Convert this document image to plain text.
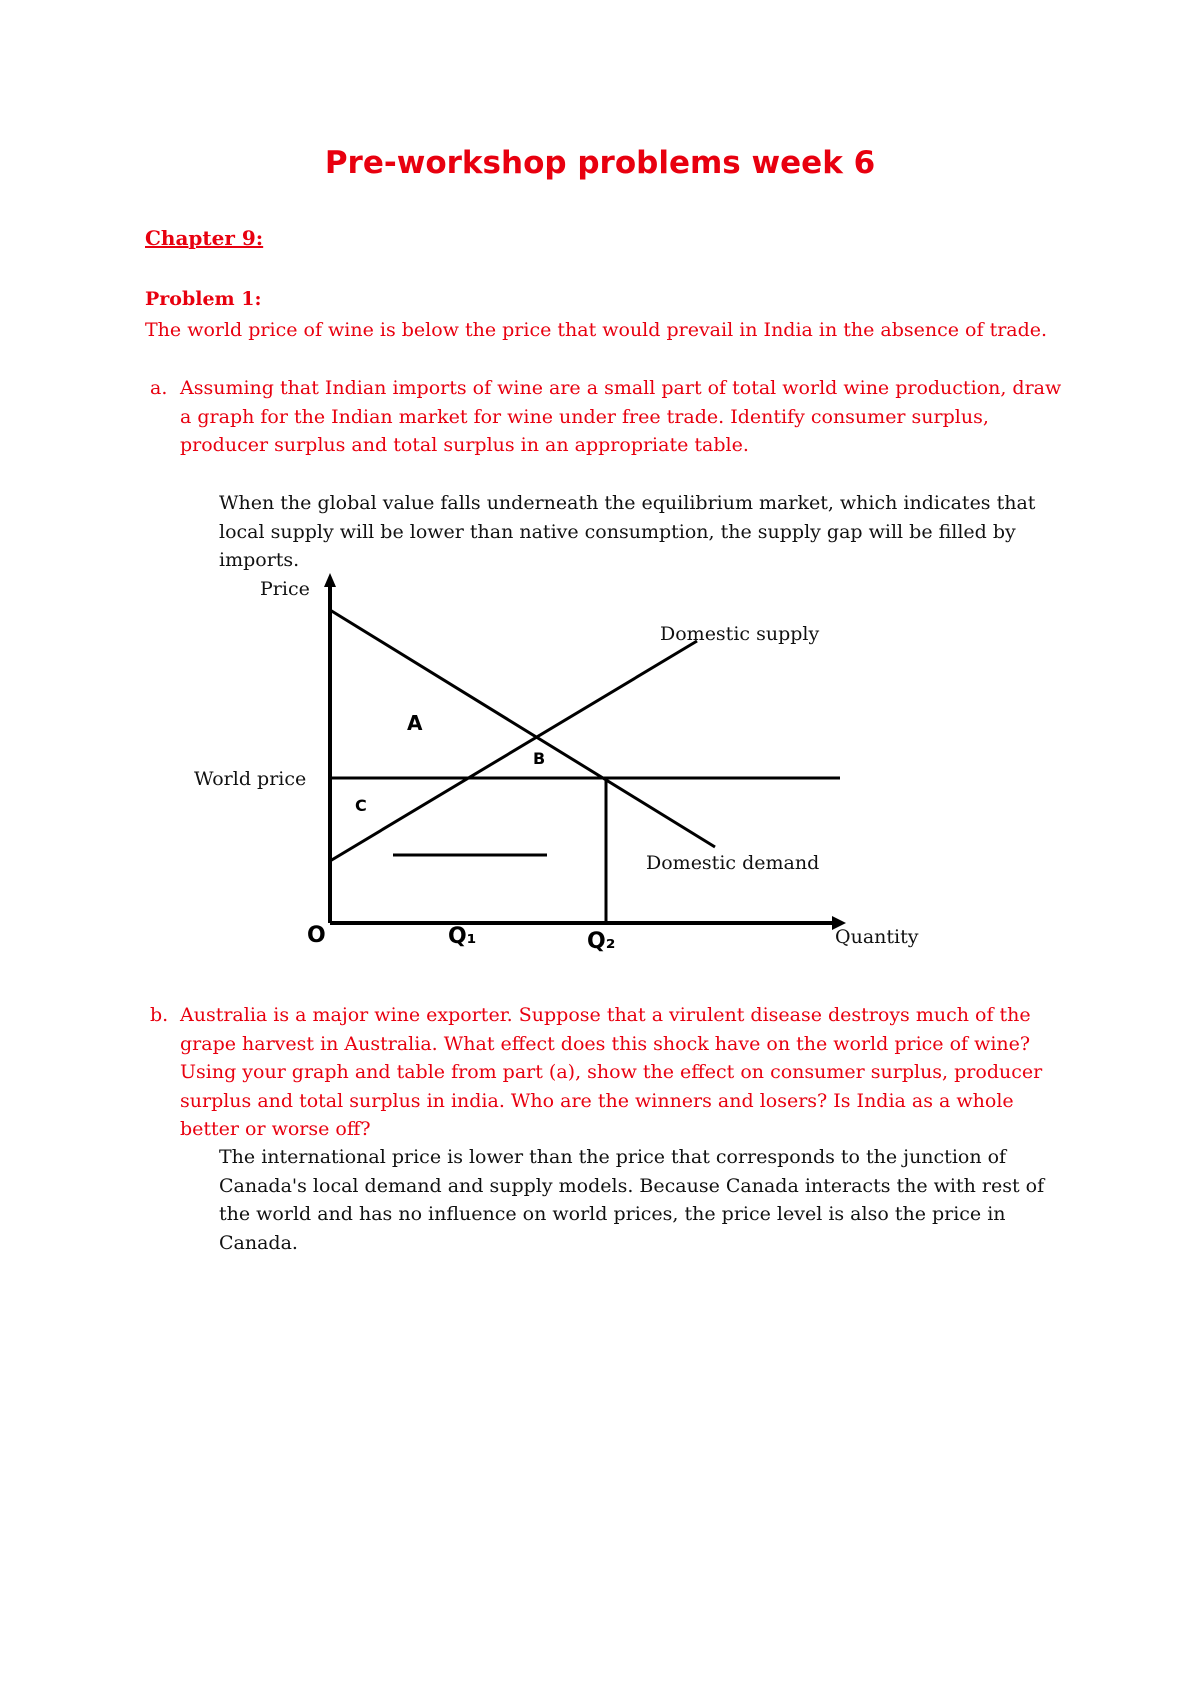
Pre-workshop problems week 6

Chapter 9:

Problem 1:

The world price of wine is below the price that would prevail in India in the absence of trade.

a. Assuming that Indian imports of wine are a small part of total world wine production, draw a graph for the Indian market for wine under free trade. Identify consumer surplus, producer surplus and total surplus in an appropriate table.
When the global value falls underneath the equilibrium market, which indicates that local supply will be lower than native consumption, the supply gap will be filled by imports.
Price
Quantity
World price
Domestic supply
Domestic demand
O	Q₁	Q₂
A
B
C
b. Australia is a major wine exporter. Suppose that a virulent disease destroys much of the grape harvest in Australia. What effect does this shock have on the world price of wine? Using your graph and table from part (a), show the effect on consumer surplus, producer surplus and total surplus in india. Who are the winners and losers? Is India as a whole better or worse off?
The international price is lower than the price that corresponds to the junction of Canada's local demand and supply models. Because Canada interacts the with rest of the world and has no influence on world prices, the price level is also the price in Canada.
